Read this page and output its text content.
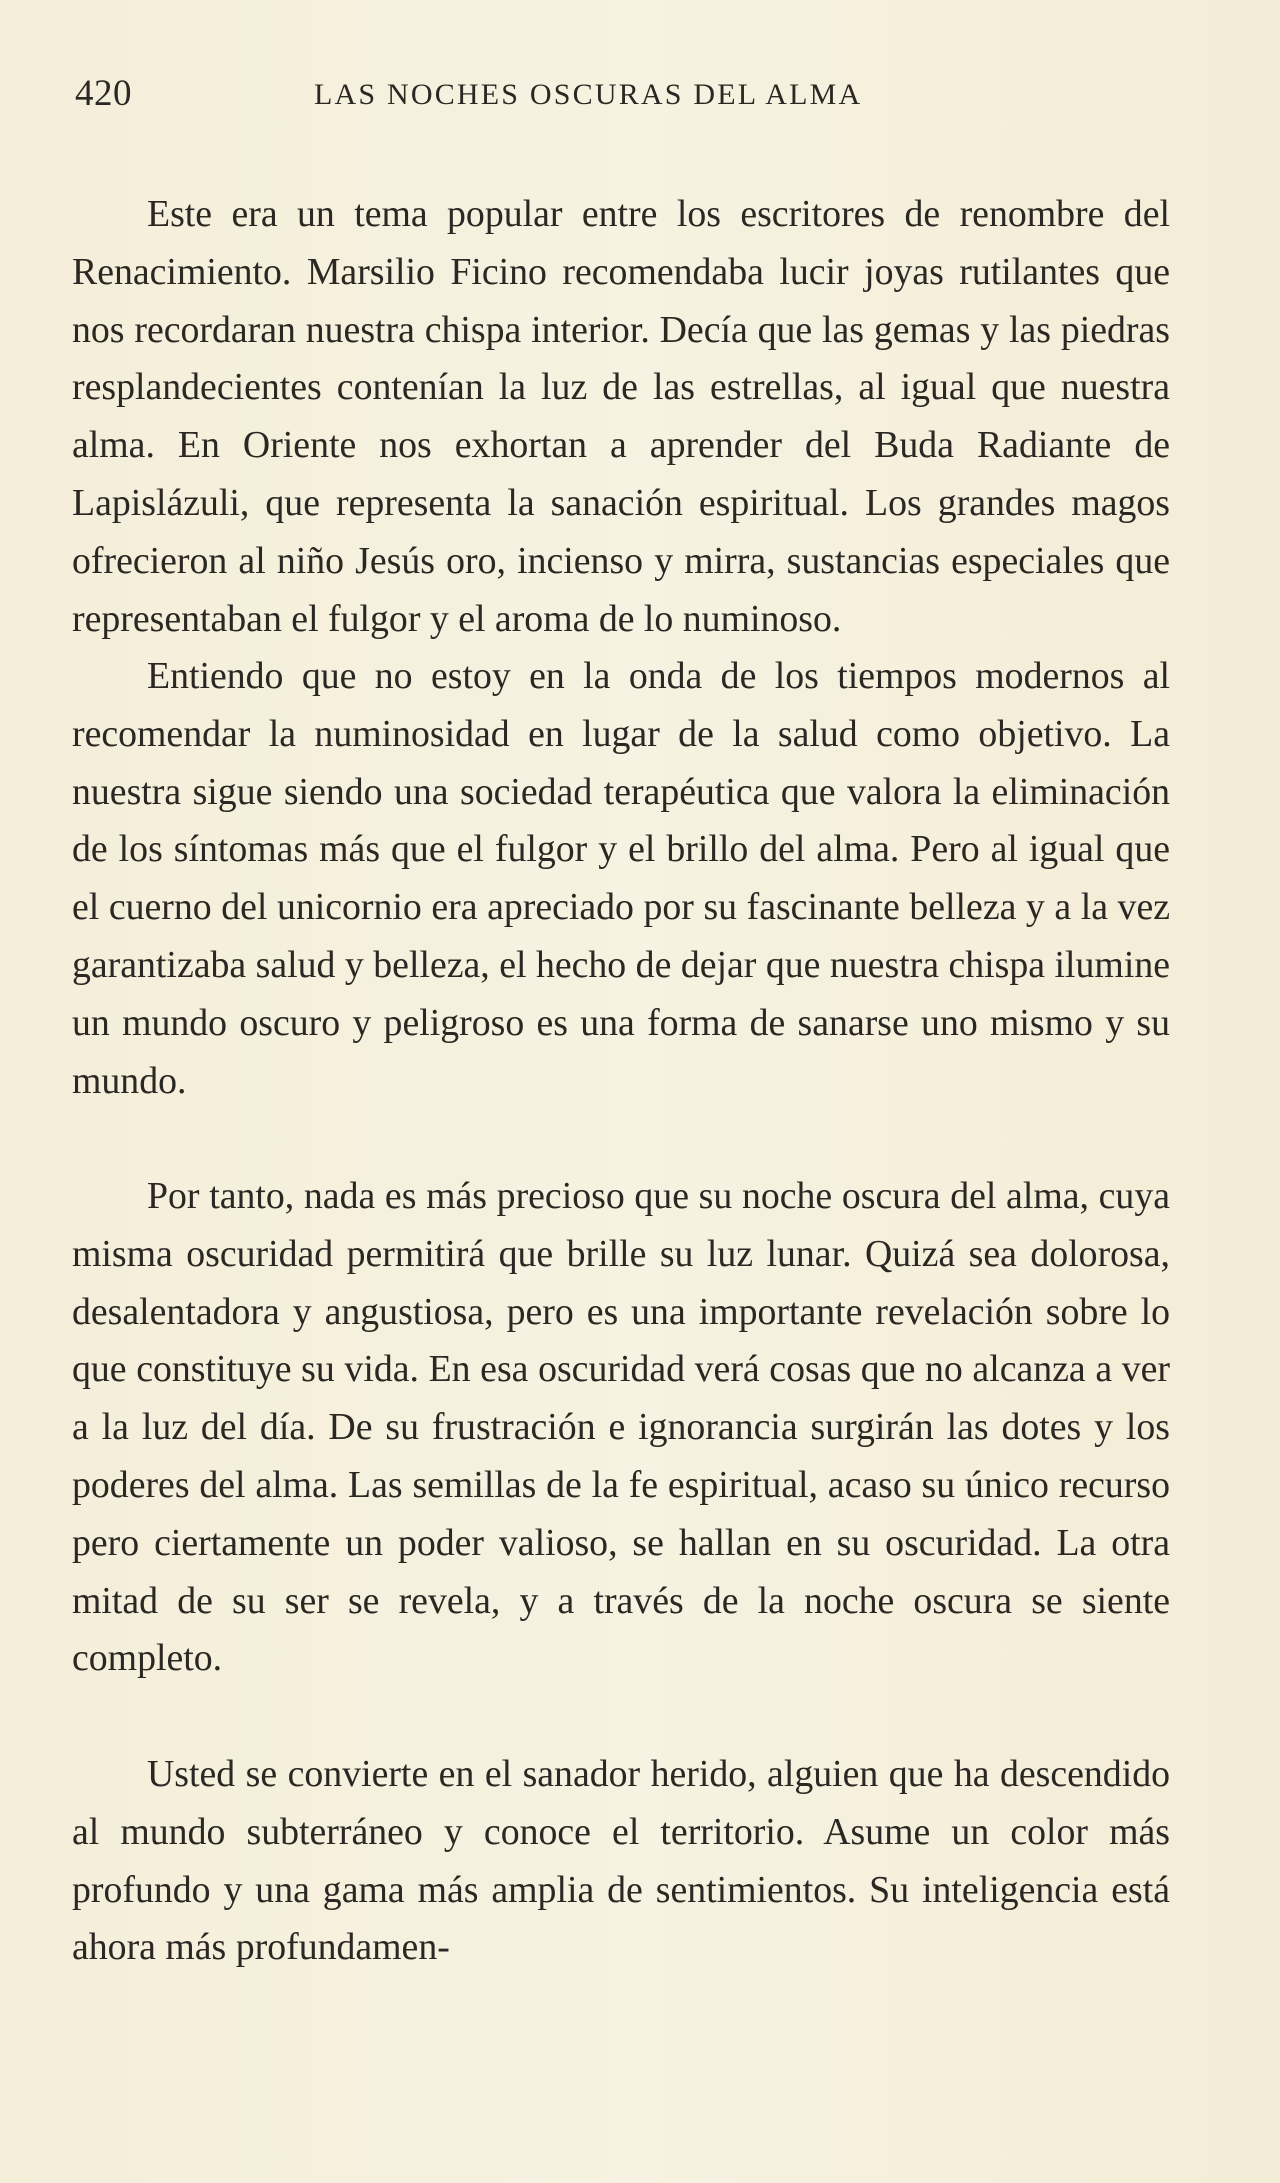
420	LAS NOCHES OSCURAS DEL ALMA

Este era un tema popular entre los escritores de renombre del Renacimiento. Marsilio Ficino recomendaba lucir joyas rutilantes que nos recordaran nuestra chispa interior. Decía que las gemas y las piedras resplandecientes contenían la luz de las estrellas, al igual que nuestra alma. En Oriente nos exhortan a aprender del Buda Radiante de Lapislázuli, que representa la sanación espiritual. Los grandes magos ofrecieron al niño Jesús oro, incienso y mirra, sustancias especiales que representaban el fulgor y el aroma de lo numinoso.

Entiendo que no estoy en la onda de los tiempos modernos al recomendar la numinosidad en lugar de la salud como objetivo. La nuestra sigue siendo una sociedad terapéutica que valora la eliminación de los síntomas más que el fulgor y el brillo del alma. Pero al igual que el cuerno del unicornio era apreciado por su fascinante belleza y a la vez garantizaba salud y belleza, el hecho de dejar que nuestra chispa ilumine un mundo oscuro y peligroso es una forma de sanarse uno mismo y su mundo.

Por tanto, nada es más precioso que su noche oscura del alma, cuya misma oscuridad permitirá que brille su luz lunar. Quizá sea dolorosa, desalentadora y angustiosa, pero es una importante revelación sobre lo que constituye su vida. En esa oscuridad verá cosas que no alcanza a ver a la luz del día. De su frustración e ignorancia surgirán las dotes y los poderes del alma. Las semillas de la fe espiritual, acaso su único recurso pero ciertamente un poder valioso, se hallan en su oscuridad. La otra mitad de su ser se revela, y a través de la noche oscura se siente completo.

Usted se convierte en el sanador herido, alguien que ha descendido al mundo subterráneo y conoce el territorio. Asume un color más profundo y una gama más amplia de sentimientos. Su inteligencia está ahora más profundamen-
